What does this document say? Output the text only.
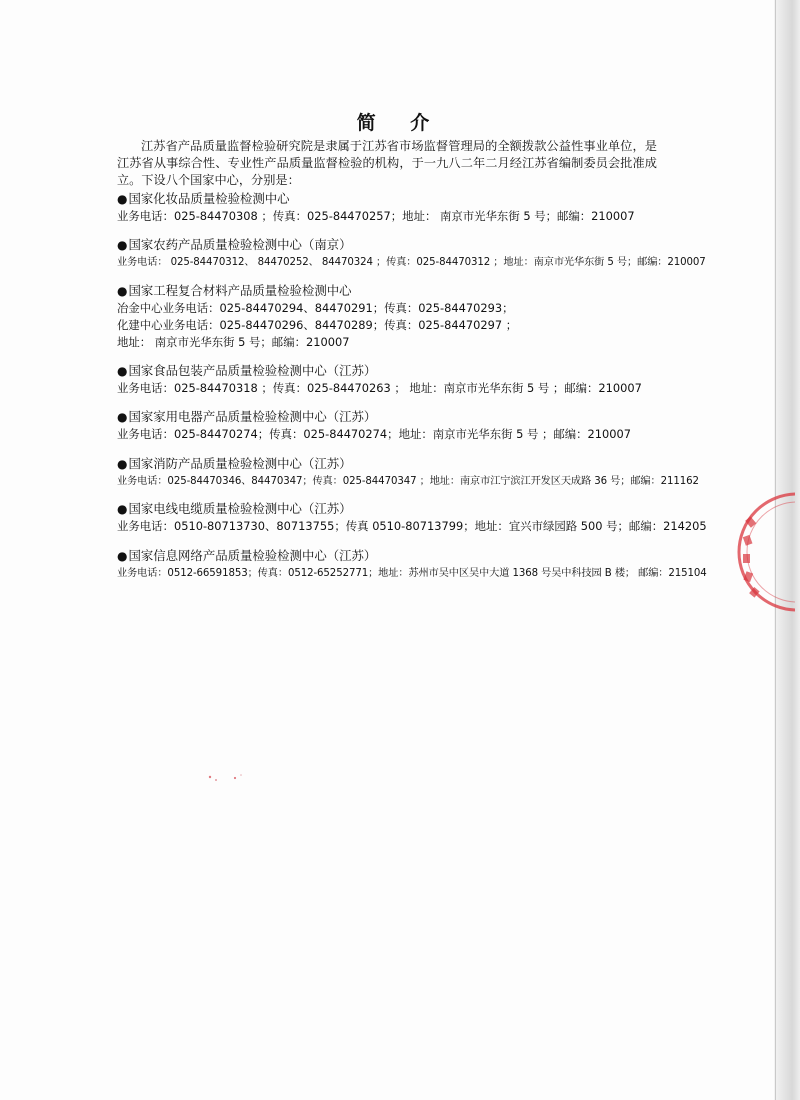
简 介
江苏省产品质量监督检验研究院是隶属于江苏省市场监督管理局的全额拨款公益性事业单位，是江苏省从事综合性、专业性产品质量监督检验的机构，于一九八二年二月经江苏省编制委员会批准成立。下设八个国家中心，分别是：
●国家化妆品质量检验检测中心
业务电话：025-84470308 ；传真：025-84470257；地址： 南京市光华东街 5 号；邮编：210007
●国家农药产品质量检验检测中心（南京）
业务电话： 025-84470312、 84470252、 84470324 ；传真：025-84470312 ；地址：南京市光华东街 5 号；邮编：210007
●国家工程复合材料产品质量检验检测中心
冶金中心业务电话：025-84470294、84470291；传真：025-84470293；
化建中心业务电话：025-84470296、84470289；传真：025-84470297 ；
地址： 南京市光华东街 5 号；邮编：210007
●国家食品包装产品质量检验检测中心（江苏）
业务电话：025-84470318 ；传真：025-84470263 ； 地址：南京市光华东街 5 号 ；邮编：210007
●国家家用电器产品质量检验检测中心（江苏）
业务电话：025-84470274；传真：025-84470274；地址：南京市光华东街 5 号 ；邮编：210007
●国家消防产品质量检验检测中心（江苏）
业务电话：025-84470346、84470347；传真：025-84470347 ；地址：南京市江宁滨江开发区天成路 36 号；邮编：211162
●国家电线电缆质量检验检测中心（江苏）
业务电话：0510-80713730、80713755；传真 0510-80713799；地址：宜兴市绿园路 500 号；邮编：214205
●国家信息网络产品质量检验检测中心（江苏）
业务电话：0512-66591853；传真：0512-65252771；地址：苏州市吴中区吴中大道 1368 号吴中科技园 B 楼； 邮编：215104
